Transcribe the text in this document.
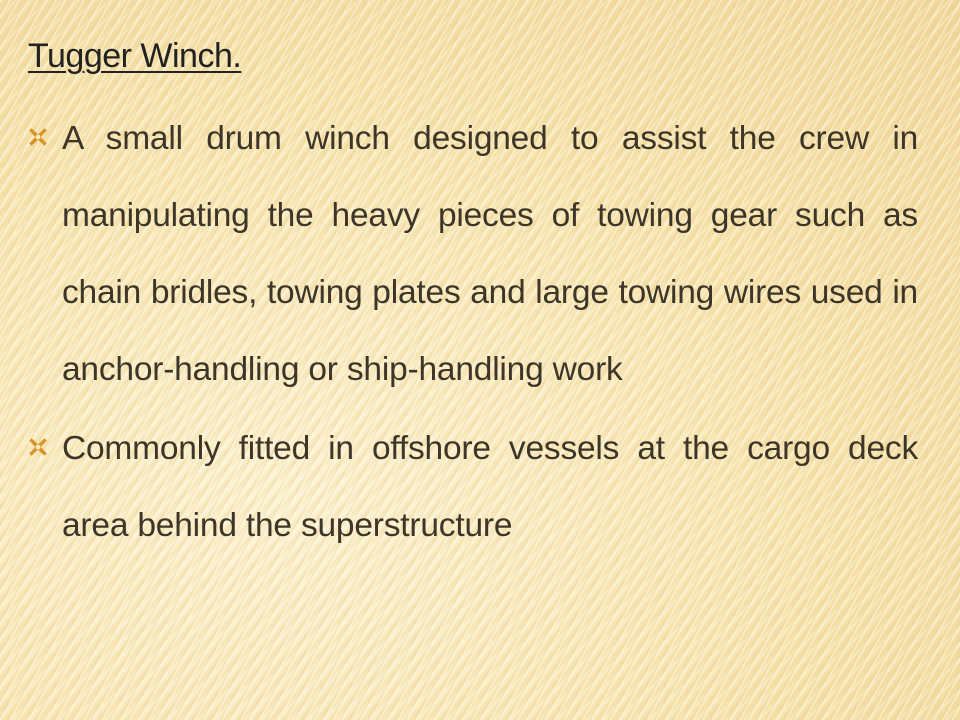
Tugger Winch.
A small drum winch designed to assist the crew in manipulating the heavy pieces of towing gear such as chain bridles, towing plates and large towing wires used in anchor-handling or ship-handling work
Commonly fitted in offshore vessels at the cargo deck area behind the superstructure
